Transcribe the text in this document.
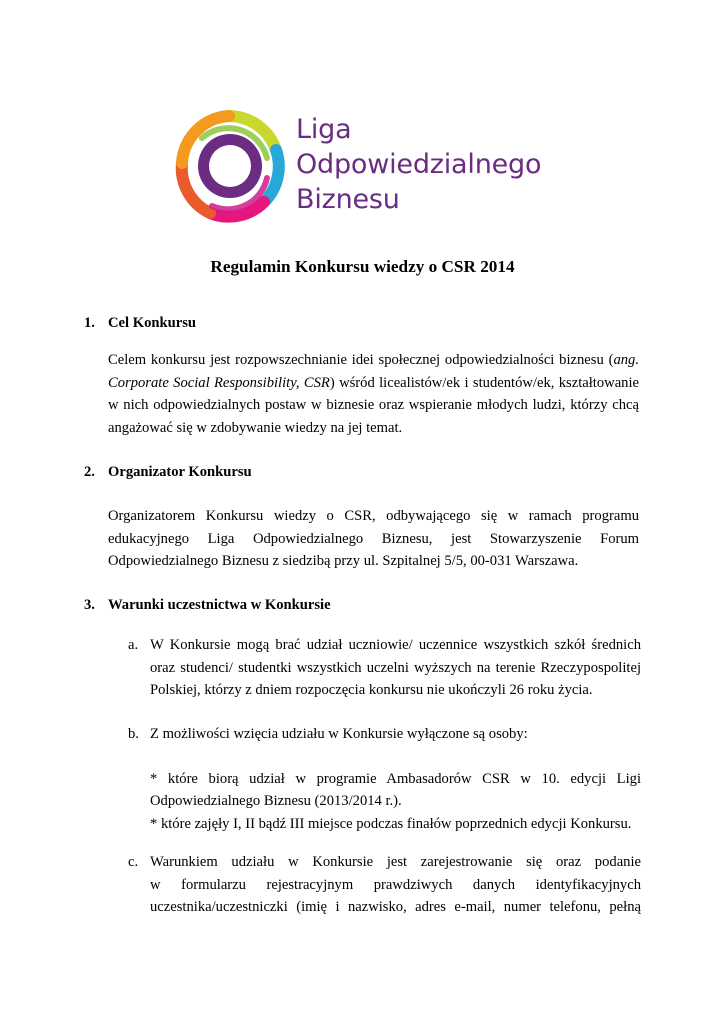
Liga
Odpowiedzialnego
Biznesu
Regulamin Konkursu wiedzy o CSR 2014
1. Cel Konkursu
Celem konkursu jest rozpowszechnianie idei społecznej odpowiedzialności biznesu (ang.
Corporate Social Responsibility, CSR) wśród licealistów/ek i studentów/ek, kształtowanie
w nich odpowiedzialnych postaw w biznesie oraz wspieranie młodych ludzi, którzy chcą
angażować się w zdobywanie wiedzy na jej temat.
2. Organizator Konkursu
Organizatorem Konkursu wiedzy o CSR, odbywającego się w ramach programu
edukacyjnego Liga Odpowiedzialnego Biznesu, jest Stowarzyszenie Forum
Odpowiedzialnego Biznesu z siedzibą przy ul. Szpitalnej 5/5, 00-031 Warszawa.
3. Warunki uczestnictwa w Konkursie
a. W Konkursie mogą brać udział uczniowie/ uczennice wszystkich szkół średnich
oraz studenci/ studentki wszystkich uczelni wyższych na terenie Rzeczypospolitej
Polskiej, którzy z dniem rozpoczęcia konkursu nie ukończyli 26 roku życia.
b. Z możliwości wzięcia udziału w Konkursie wyłączone są osoby:
* które biorą udział w programie Ambasadorów CSR w 10. edycji Ligi
Odpowiedzialnego Biznesu (2013/2014 r.).
* które zajęły I, II bądź III miejsce podczas finałów poprzednich edycji Konkursu.
c. Warunkiem udziału w Konkursie jest zarejestrowanie się oraz podanie
w formularzu rejestracyjnym prawdziwych danych identyfikacyjnych
uczestnika/uczestniczki (imię i nazwisko, adres e-mail, numer telefonu, pełną
